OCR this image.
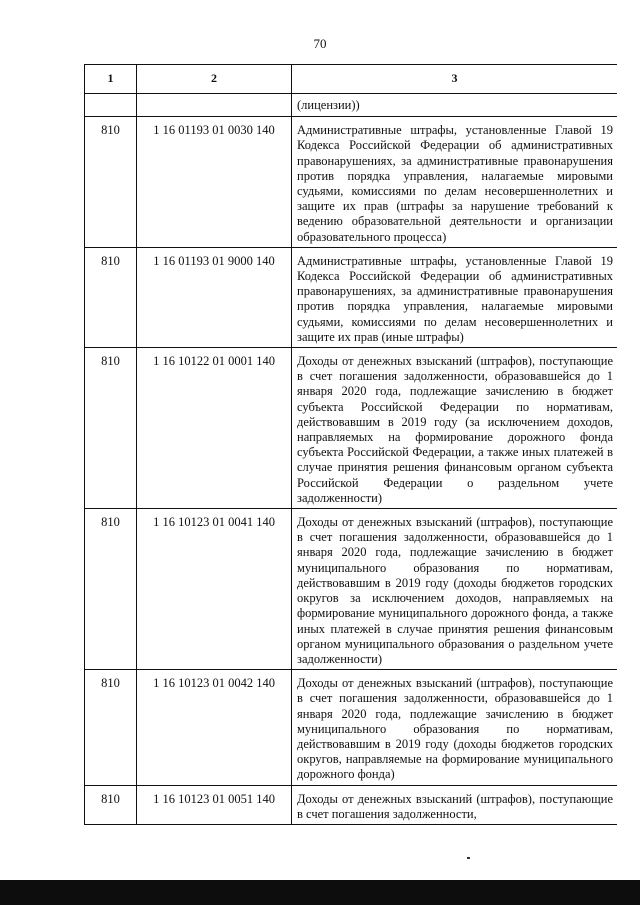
70
1	2	3
		(лицензии))
810	1 16 01193 01 0030 140	Административные штрафы, установленные Главой 19 Кодекса Российской Федерации об административных правонарушениях, за административные правонарушения против порядка управления, налагаемые мировыми судьями, комиссиями по делам несовершеннолетних и защите их прав (штрафы за нарушение требований к ведению образовательной деятельности и организации образовательного процесса)
810	1 16 01193 01 9000 140	Административные штрафы, установленные Главой 19 Кодекса Российской Федерации об административных правонарушениях, за административные правонарушения против порядка управления, налагаемые мировыми судьями, комиссиями по делам несовершеннолетних и защите их прав (иные штрафы)
810	1 16 10122 01 0001 140	Доходы от денежных взысканий (штрафов), поступающие в счет погашения задолженности, образовавшейся до 1 января 2020 года, подлежащие зачислению в бюджет субъекта Российской Федерации по нормативам, действовавшим в 2019 году (за исключением доходов, направляемых на формирование дорожного фонда субъекта Российской Федерации, а также иных платежей в случае принятия решения финансовым органом субъекта Российской Федерации о раздельном учете задолженности)
810	1 16 10123 01 0041 140	Доходы от денежных взысканий (штрафов), поступающие в счет погашения задолженности, образовавшейся до 1 января 2020 года, подлежащие зачислению в бюджет муниципального образования по нормативам, действовавшим в 2019 году (доходы бюджетов городских округов за исключением доходов, направляемых на формирование муниципального дорожного фонда, а также иных платежей в случае принятия решения финансовым органом муниципального образования о раздельном учете задолженности)
810	1 16 10123 01 0042 140	Доходы от денежных взысканий (штрафов), поступающие в счет погашения задолженности, образовавшейся до 1 января 2020 года, подлежащие зачислению в бюджет муниципального образования по нормативам, действовавшим в 2019 году (доходы бюджетов городских округов, направляемые на формирование муниципального дорожного фонда)
810	1 16 10123 01 0051 140	Доходы от денежных взысканий (штрафов), поступающие в счет погашения задолженности,
